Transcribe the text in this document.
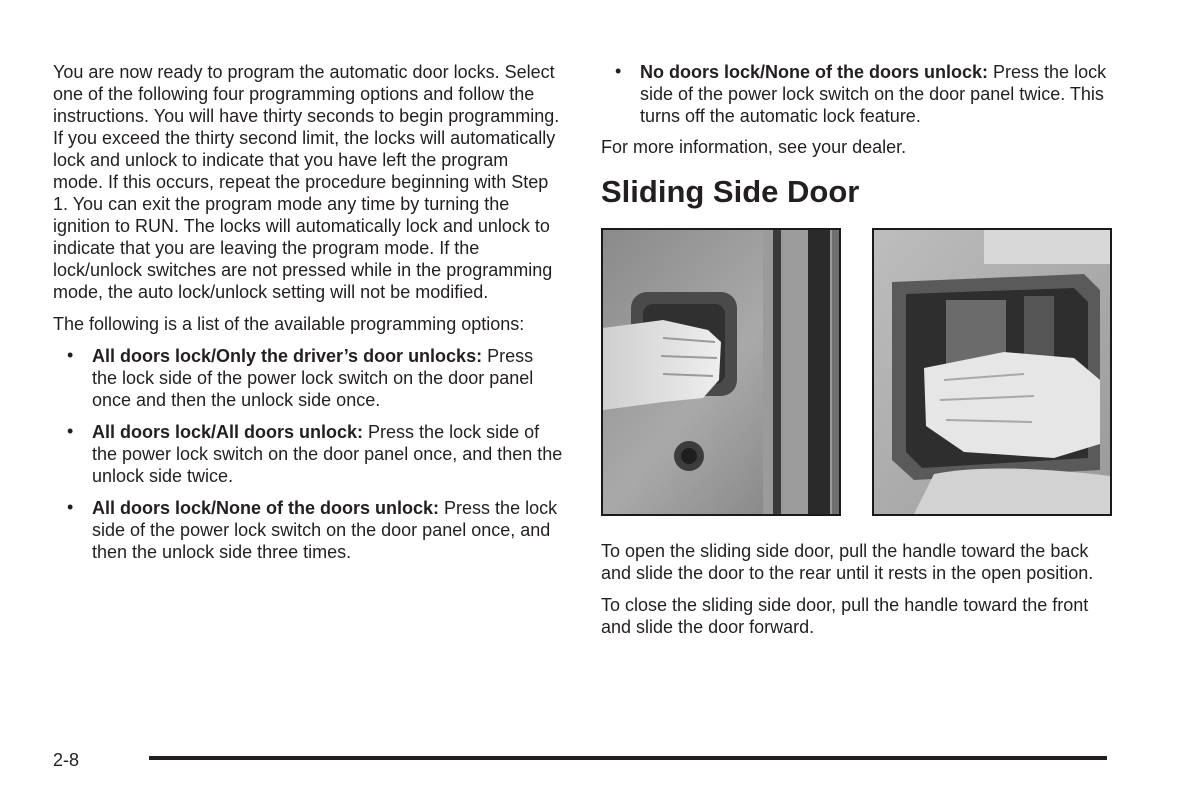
You are now ready to program the automatic door locks. Select one of the following four programming options and follow the instructions. You will have thirty seconds to begin programming. If you exceed the thirty second limit, the locks will automatically lock and unlock to indicate that you have left the program mode. If this occurs, repeat the procedure beginning with Step 1. You can exit the program mode any time by turning the ignition to RUN. The locks will automatically lock and unlock to indicate that you are leaving the program mode. If the lock/unlock switches are not pressed while in the programming mode, the auto lock/unlock setting will not be modified.

The following is a list of the available programming options:

• All doors lock/Only the driver’s door unlocks: Press the lock side of the power lock switch on the door panel once and then the unlock side once.
• All doors lock/All doors unlock: Press the lock side of the power lock switch on the door panel once, and then the unlock side twice.
• All doors lock/None of the doors unlock: Press the lock side of the power lock switch on the door panel once, and then the unlock side three times.
• No doors lock/None of the doors unlock: Press the lock side of the power lock switch on the door panel twice. This turns off the automatic lock feature.

For more information, see your dealer.

Sliding Side Door

To open the sliding side door, pull the handle toward the back and slide the door to the rear until it rests in the open position.

To close the sliding side door, pull the handle toward the front and slide the door forward.

2-8
